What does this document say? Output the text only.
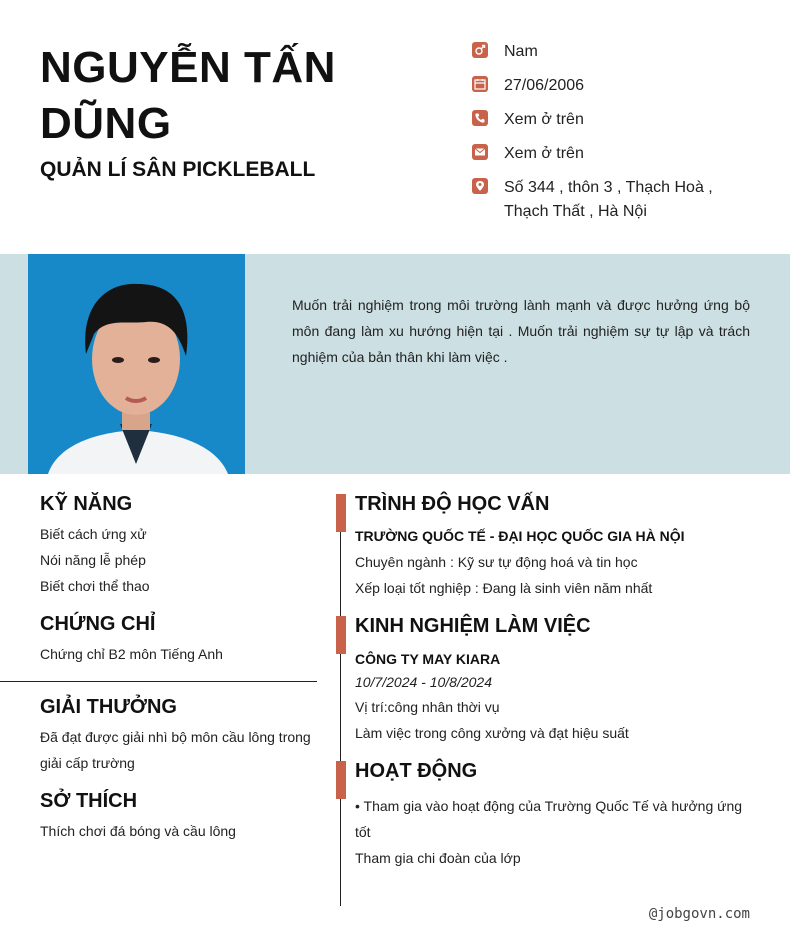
NGUYỄN TẤN DŨNG
QUẢN LÍ SÂN PICKLEBALL
Nam
27/06/2006
Xem ở trên
Xem ở trên
Số 344 , thôn 3 , Thạch Hoà , Thạch Thất , Hà Nội

Muốn trải nghiệm trong môi trường lành mạnh và được hưởng ứng bộ môn đang làm xu hướng hiện tại . Muốn trải nghiệm sự tự lập và trách nghiệm của bản thân khi làm việc .

KỸ NĂNG

Biết cách ứng xử

Nói năng lễ phép

Biết chơi thể thao

CHỨNG CHỈ

Chứng chỉ B2 môn Tiếng Anh

GIẢI THƯỞNG

Đã đạt được giải nhì bộ môn cầu lông trong giải cấp trường

SỞ THÍCH

Thích chơi đá bóng và cầu lông

TRÌNH ĐỘ HỌC VẤN

TRƯỜNG QUỐC TẾ - ĐẠI HỌC QUỐC GIA HÀ NỘI

Chuyên ngành : Kỹ sư tự động hoá và tin học

Xếp loại tốt nghiệp : Đang là sinh viên năm nhất

KINH NGHIỆM LÀM VIỆC

CÔNG TY MAY KIARA

10/7/2024 - 10/8/2024

Vị trí:công nhân thời vụ

Làm việc trong công xưởng và đạt hiệu suất

HOẠT ĐỘNG

• Tham gia vào hoạt động của Trường Quốc Tế và hưởng ứng tốt

Tham gia chi đoàn của lớp

@jobgovn.com
